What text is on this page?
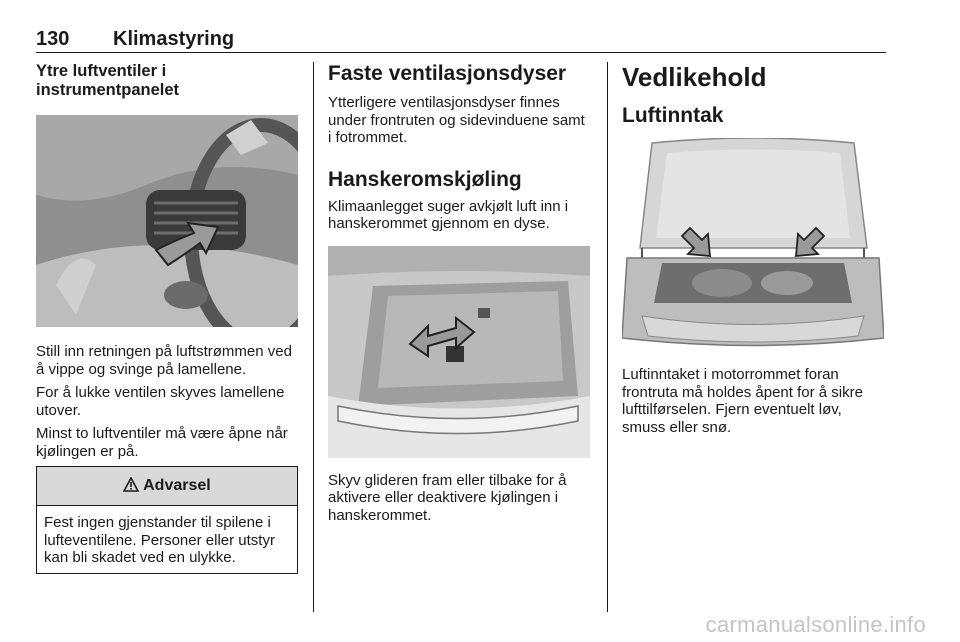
130 Klimastyring
Ytre luftventiler i
instrumentpanelet

Still inn retningen på luftstrømmen ved å vippe og svinge på lamellene.

For å lukke ventilen skyves lamellene utover.

Minst to luftventiler må være åpne når kjølingen er på.

Advarsel
Fest ingen gjenstander til spilene i lufteventilene. Personer eller utstyr kan bli skadet ved en ulykke.
Faste ventilasjonsdyser

Ytterligere ventilasjonsdyser finnes under frontruten og sidevinduene samt i fotrommet.

Hanskeromskjøling

Klimaanlegget suger avkjølt luft inn i hanskerommet gjennom en dyse.

Skyv glideren fram eller tilbake for å aktivere eller deaktivere kjølingen i hanskerommet.

Vedlikehold
Luftinntak

Luftinntaket i motorrommet foran frontruta må holdes åpent for å sikre lufttilførselen. Fjern eventuelt løv, smuss eller snø.

carmanualsonline.info
